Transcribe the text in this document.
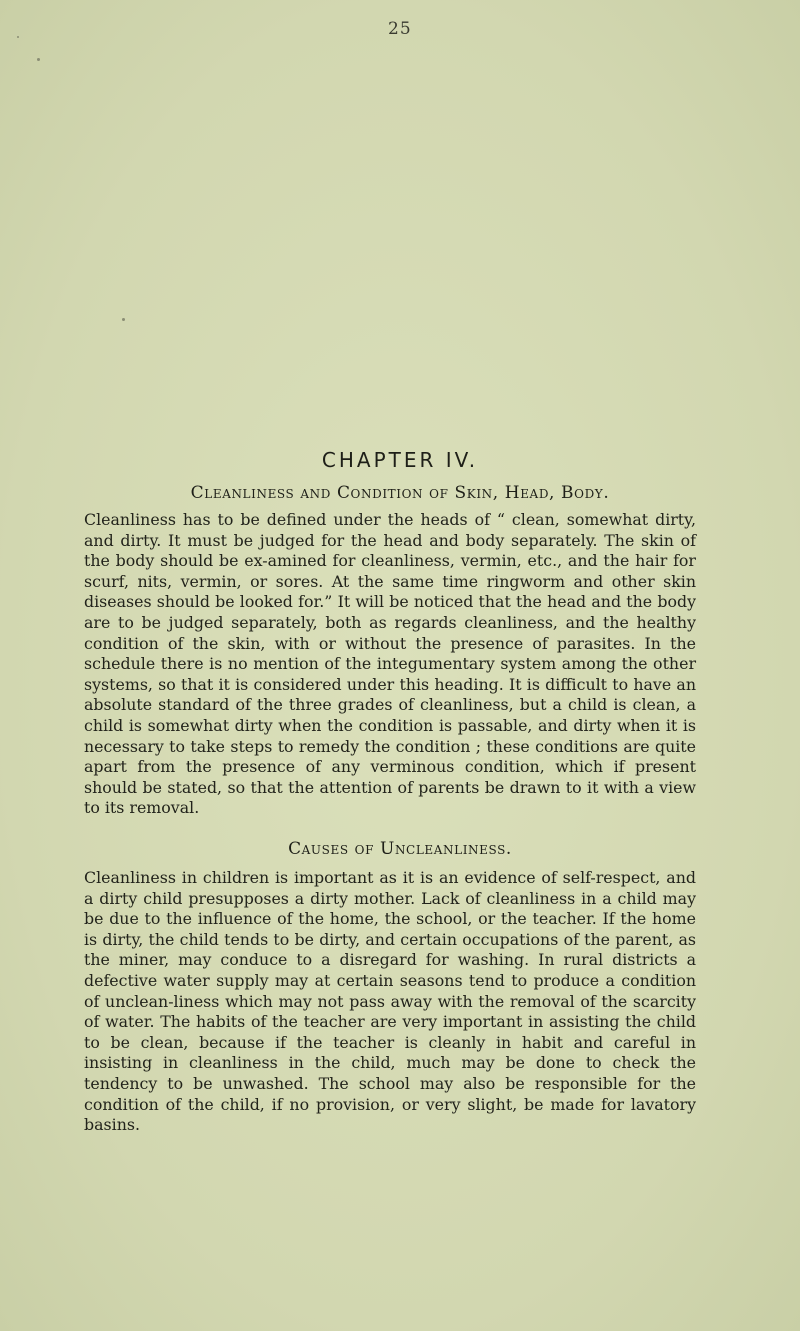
25
CHAPTER IV.
Cleanliness and Condition of Skin, Head, Body.
Cleanliness has to be defined under the heads of “ clean, somewhat dirty, and dirty. It must be judged for the head and body separately. The skin of the body should be ex-amined for cleanliness, vermin, etc., and the hair for scurf, nits, vermin, or sores. At the same time ringworm and other skin diseases should be looked for.” It will be noticed that the head and the body are to be judged separately, both as regards cleanliness, and the healthy condition of the skin, with or without the presence of parasites. In the schedule there is no mention of the integumentary system among the other systems, so that it is considered under this heading. It is difficult to have an absolute standard of the three grades of cleanliness, but a child is clean, a child is somewhat dirty when the condition is passable, and dirty when it is necessary to take steps to remedy the condition ; these conditions are quite apart from the presence of any verminous condition, which if present should be stated, so that the attention of parents be drawn to it with a view to its removal.
Causes of Uncleanliness.
Cleanliness in children is important as it is an evidence of self-respect, and a dirty child presupposes a dirty mother. Lack of cleanliness in a child may be due to the influence of the home, the school, or the teacher. If the home is dirty, the child tends to be dirty, and certain occupations of the parent, as the miner, may conduce to a disregard for washing. In rural districts a defective water supply may at certain seasons tend to produce a condition of unclean-liness which may not pass away with the removal of the scarcity of water. The habits of the teacher are very important in assisting the child to be clean, because if the teacher is cleanly in habit and careful in insisting in cleanliness in the child, much may be done to check the tendency to be unwashed. The school may also be responsible for the condition of the child, if no provision, or very slight, be made for lavatory basins.
